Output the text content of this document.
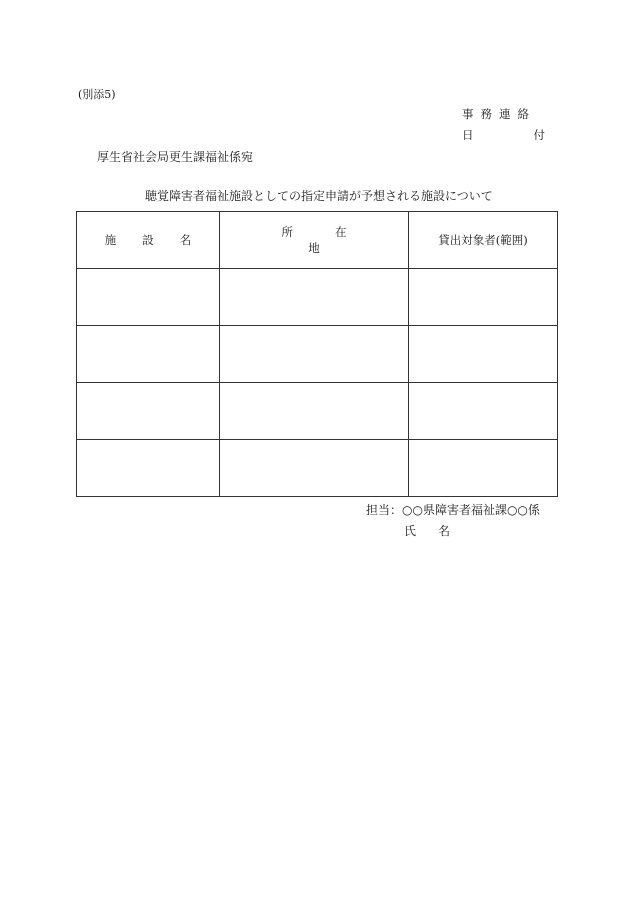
(別添5)
事務連絡
日	付
厚生省社会局更生課福祉係宛
聴覚障害者福祉施設としての指定申請が予想される施設について
施設名	所在地	貸出対象者(範囲)

担当：○○県障害者福祉課○○係
氏 名
